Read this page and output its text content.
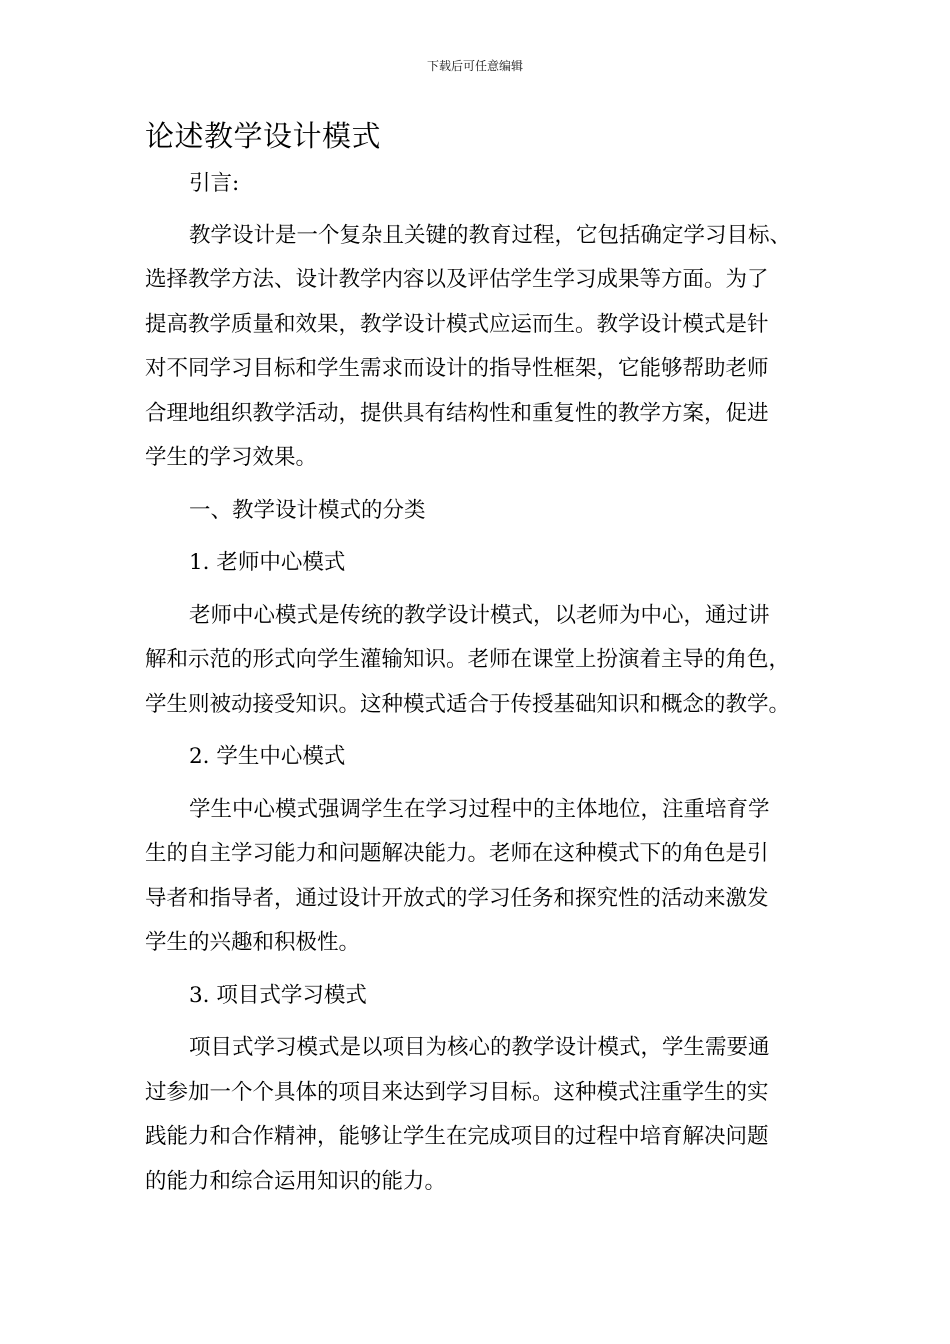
下载后可任意编辑
论述教学设计模式

引言:

教学设计是一个复杂且关键的教育过程，它包括确定学习目标、

选择教学方法、设计教学内容以及评估学生学习成果等方面。为了

提高教学质量和效果，教学设计模式应运而生。教学设计模式是针

对不同学习目标和学生需求而设计的指导性框架，它能够帮助老师

合理地组织教学活动，提供具有结构性和重复性的教学方案，促进

学生的学习效果。

一、教学设计模式的分类

1. 老师中心模式

老师中心模式是传统的教学设计模式，以老师为中心，通过讲

解和示范的形式向学生灌输知识。老师在课堂上扮演着主导的角色，

学生则被动接受知识。这种模式适合于传授基础知识和概念的教学。

2. 学生中心模式

学生中心模式强调学生在学习过程中的主体地位，注重培育学

生的自主学习能力和问题解决能力。老师在这种模式下的角色是引

导者和指导者，通过设计开放式的学习任务和探究性的活动来激发

学生的兴趣和积极性。

3. 项目式学习模式

项目式学习模式是以项目为核心的教学设计模式，学生需要通

过参加一个个具体的项目来达到学习目标。这种模式注重学生的实

践能力和合作精神，能够让学生在完成项目的过程中培育解决问题

的能力和综合运用知识的能力。
